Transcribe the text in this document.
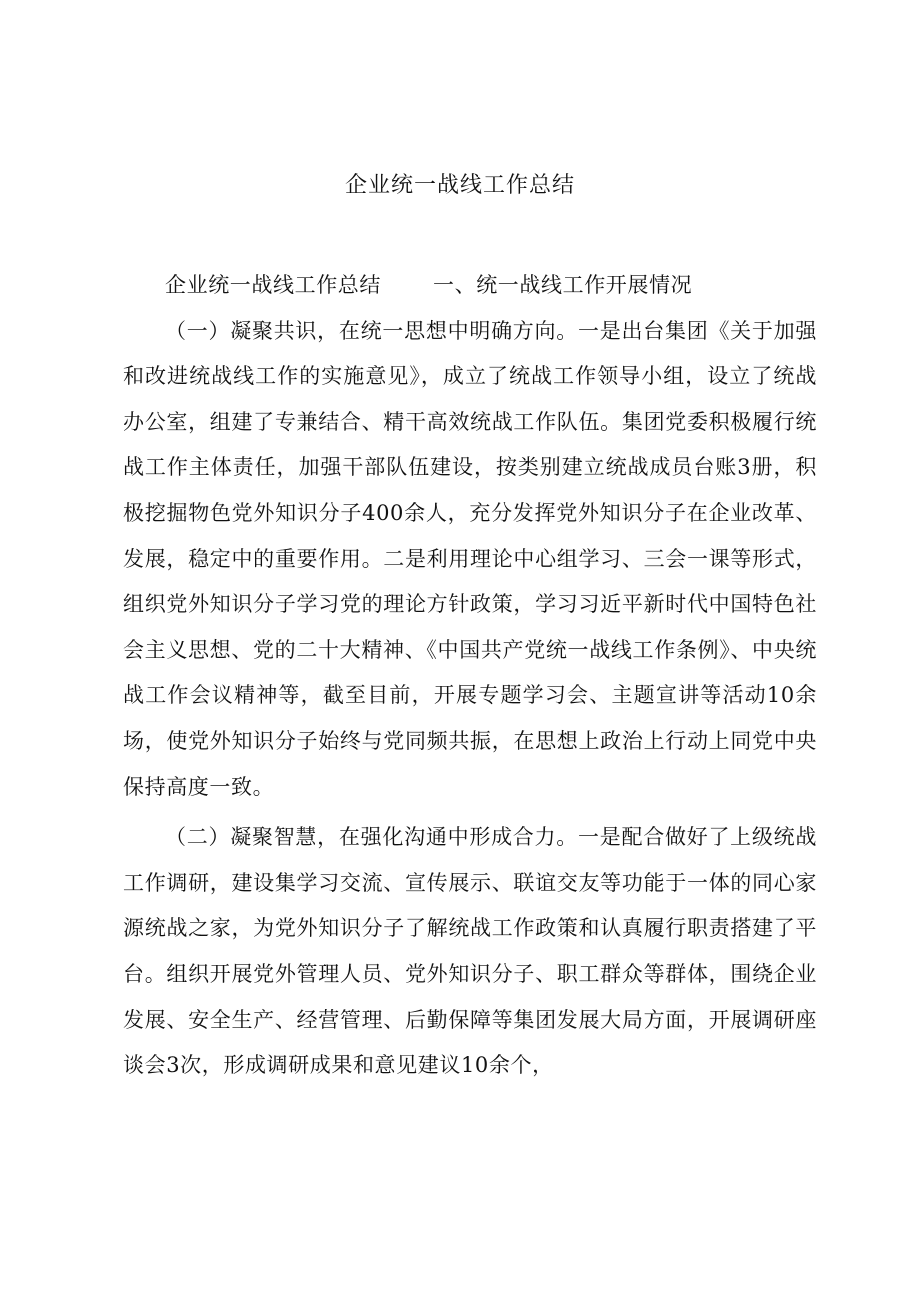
企业统一战线工作总结

企业统一战线工作总结 一、统一战线工作开展情况

（一）凝聚共识，在统一思想中明确方向。一是出台集团《关于加强和改进统战线工作的实施意见》，成立了统战工作领导小组，设立了统战办公室，组建了专兼结合、精干高效统战工作队伍。集团党委积极履行统战工作主体责任，加强干部队伍建设，按类别建立统战成员台账3册，积极挖掘物色党外知识分子400余人，充分发挥党外知识分子在企业改革、发展，稳定中的重要作用。二是利用理论中心组学习、三会一课等形式，组织党外知识分子学习党的理论方针政策，学习习近平新时代中国特色社会主义思想、党的二十大精神、《中国共产党统一战线工作条例》、中央统战工作会议精神等，截至目前，开展专题学习会、主题宣讲等活动10余场，使党外知识分子始终与党同频共振，在思想上政治上行动上同党中央保持高度一致。

（二）凝聚智慧，在强化沟通中形成合力。一是配合做好了上级统战工作调研，建设集学习交流、宣传展示、联谊交友等功能于一体的同心家源统战之家，为党外知识分子了解统战工作政策和认真履行职责搭建了平台。组织开展党外管理人员、党外知识分子、职工群众等群体，围绕企业发展、安全生产、经营管理、后勤保障等集团发展大局方面，开展调研座谈会3次，形成调研成果和意见建议10余个，
